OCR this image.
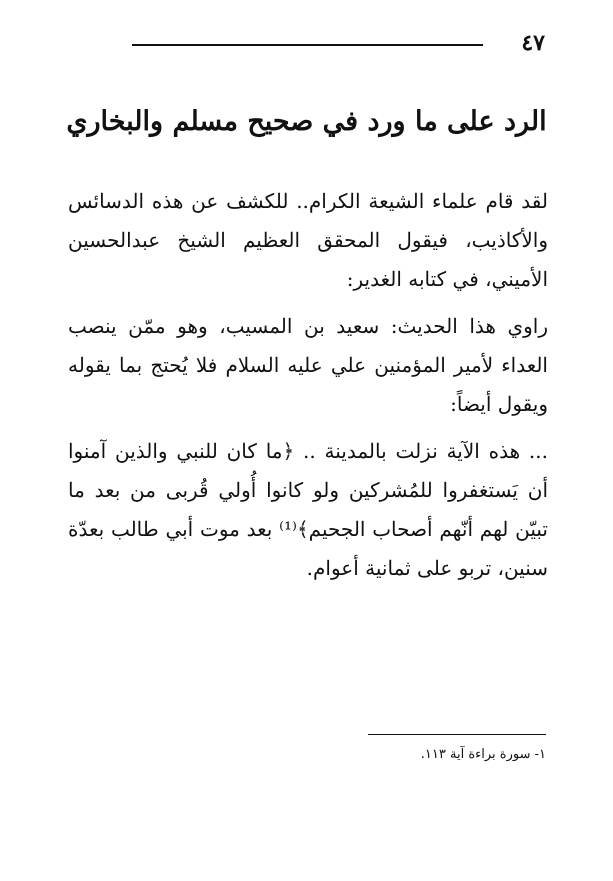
٤٧
الرد على ما ورد في صحيح مسلم والبخاري

لقد قام علماء الشيعة الكرام.. للكشف عن هذه الدسائس والأكاذيب، فيقول المحقق العظيم الشيخ عبدالحسين الأميني، في كتابه الغدير:

راوي هذا الحديث: سعيد بن المسيب، وهو ممّن ينصب العداء لأمير المؤمنين علي عليه السلام فلا يُحتج بما يقوله ويقول أيضاً:

... هذه الآية نزلت بالمدينة .. ﴿ما كان للنبي والذين آمنوا أن يَستغفروا للمُشركين ولو كانوا أُولي قُربى من بعد ما تبيّن لهم أنّهم أصحاب الجحيم﴾⁽¹⁾ بعد موت أبي طالب بعدّة سنين، تربو على ثمانية أعوام.

١- سورة براءة آية ١١٣.
